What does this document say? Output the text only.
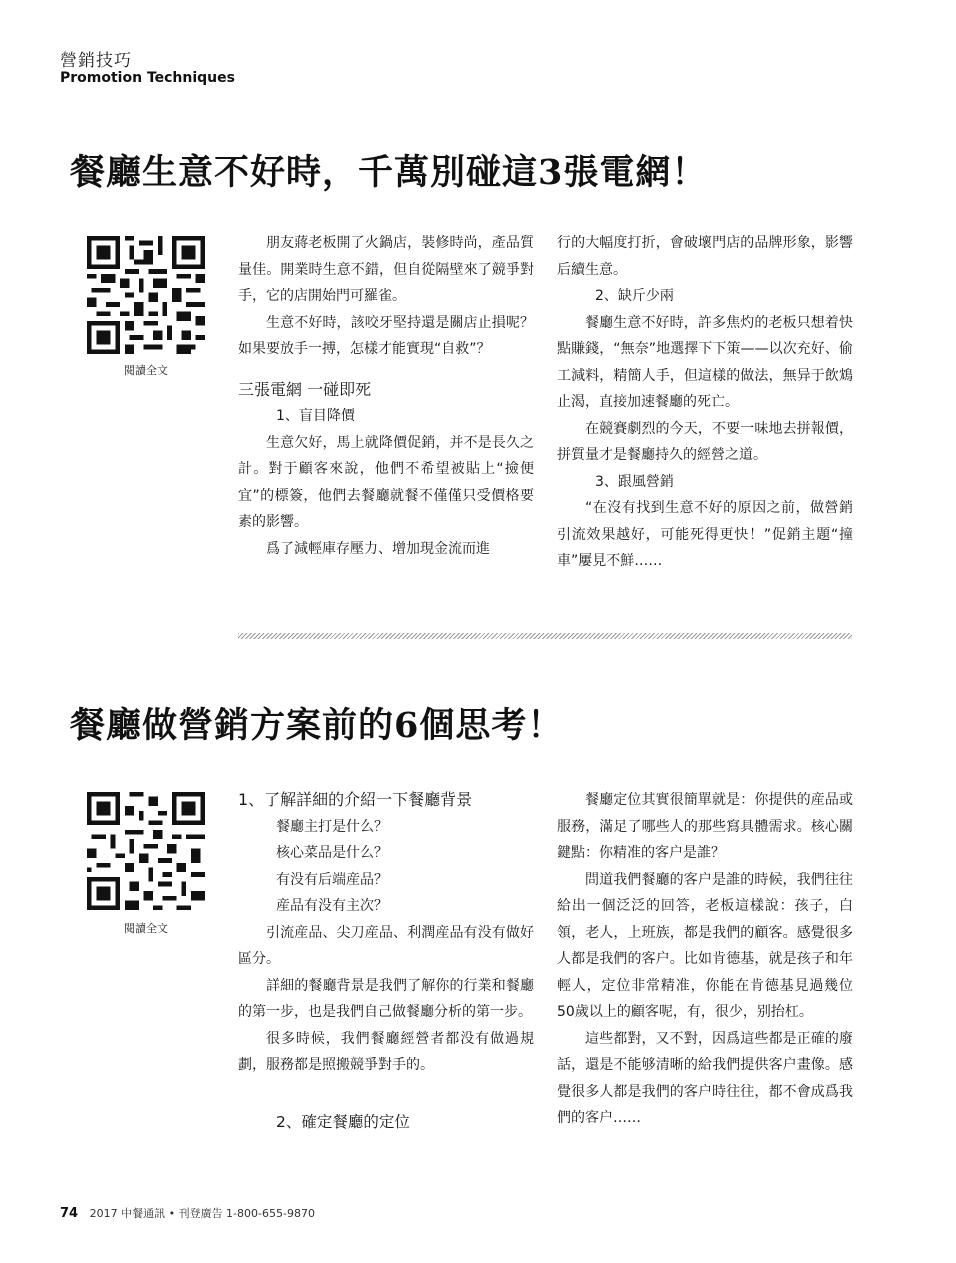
營銷技巧
Promotion Techniques
餐廳生意不好時，千萬別碰這3張電網！
閱讀全文

朋友蔣老板開了火鍋店，裝修時尚，產品質量佳。開業時生意不錯，但自從隔壁來了競爭對手，它的店開始門可羅雀。

生意不好時，該咬牙堅持還是關店止損呢？如果要放手一搏，怎樣才能實現“自救”？

三張電網 一碰即死

1、盲目降價

生意欠好，馬上就降價促銷，并不是長久之計。對于顧客來說，他們不希望被貼上“撿便宜”的標簽，他們去餐廳就餐不僅僅只受價格要素的影響。

爲了減輕庫存壓力、增加現金流而進

行的大幅度打折，會破壞門店的品牌形象，影響后續生意。

2、缺斤少兩

餐廳生意不好時，許多焦灼的老板只想着快點賺錢，“無奈”地選擇下下策——以次充好、偷工減料，精簡人手，但這樣的做法，無异于飲鴆止渴，直接加速餐廳的死亡。

在競賽劇烈的今天，不要一味地去拼報價，拼質量才是餐廳持久的經營之道。

3、跟風營銷

“在沒有找到生意不好的原因之前，做營銷引流效果越好，可能死得更快！”促銷主題“撞車”屢見不鮮……

餐廳做營銷方案前的6個思考！
閱讀全文

1、了解詳細的介紹一下餐廳背景

餐廳主打是什么？

核心菜品是什么？

有没有后端産品？

産品有没有主次？

引流産品、尖刀産品、利潤産品有没有做好區分。

詳細的餐廳背景是我們了解你的行業和餐廳的第一步，也是我們自己做餐廳分析的第一步。

很多時候，我們餐廳經營者都没有做過規劃，服務都是照搬競爭對手的。

2、確定餐廳的定位

餐廳定位其實很簡單就是：你提供的産品或服務，滿足了哪些人的那些寫具體需求。核心關鍵點：你精准的客户是誰？

問道我們餐廳的客户是誰的時候，我們往往給出一個泛泛的回答，老板這樣說：孩子，白領，老人，上班族，都是我們的顧客。感覺很多人都是我們的客户。比如肯德基，就是孩子和年輕人，定位非常精准，你能在肯德基見過幾位50歲以上的顧客呢，有，很少，别抬杠。

這些都對，又不對，因爲這些都是正確的廢話，還是不能够清晰的給我們提供客户畫像。感覺很多人都是我們的客户時往往，都不會成爲我們的客户……

74 2017 中餐通訊 • 刊登廣告 1-800-655-9870
